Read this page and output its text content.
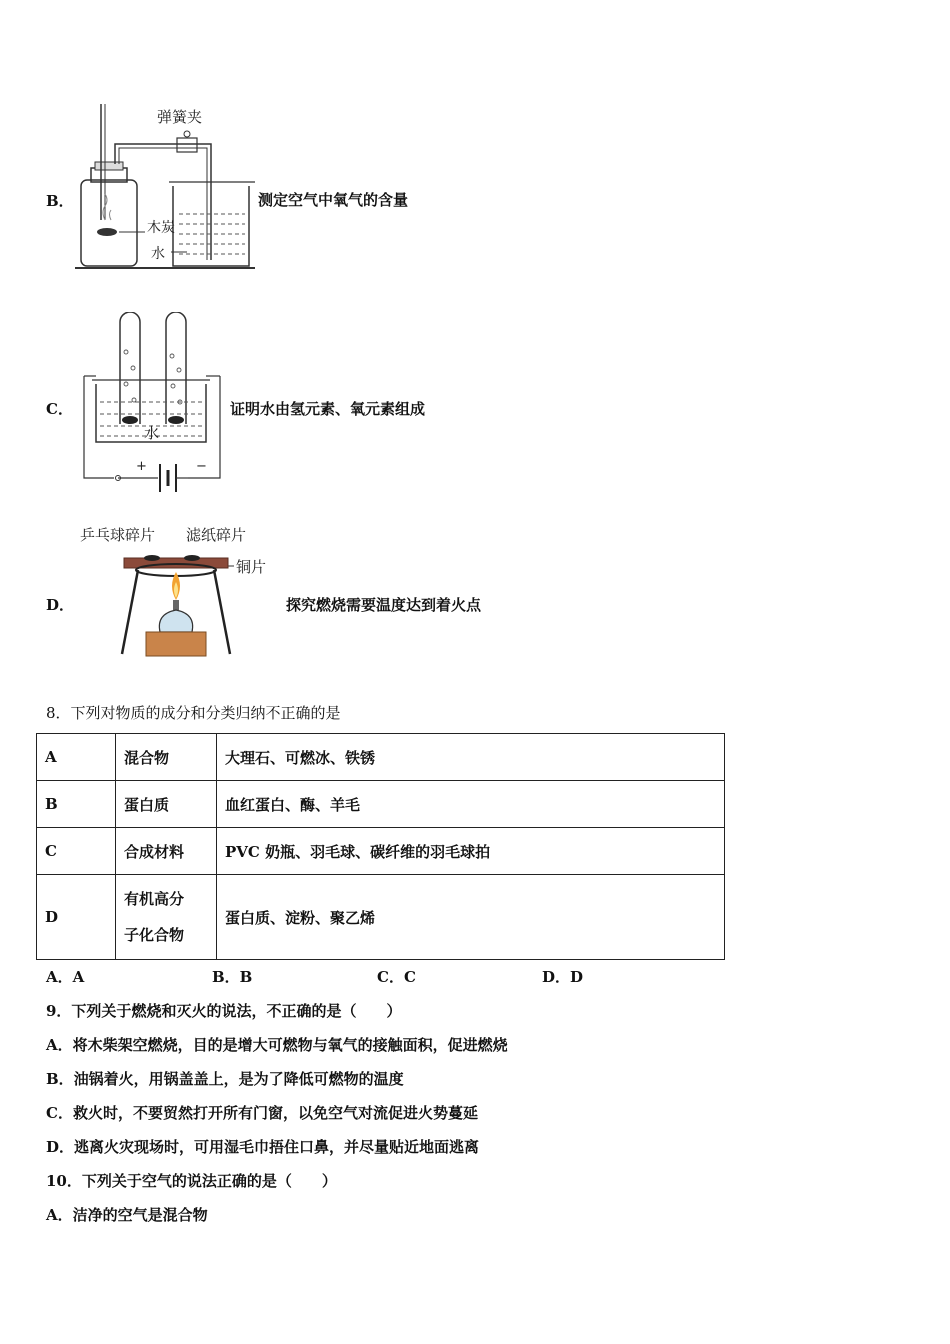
B．
弹簧夹
木炭
水
测定空气中氧气的含量
C．
水
+	−
证明水由氢元素、氧元素组成
D．
乒乓球碎片 滤纸碎片
铜片
探究燃烧需要温度达到着火点
8．下列对物质的成分和分类归纳不正确的是
A	混合物	大理石、可燃冰、铁锈
B	蛋白质	血红蛋白、酶、羊毛
C	合成材料	PVC 奶瓶、羽毛球、碳纤维的羽毛球拍
D	有机高分
子化合物	蛋白质、淀粉、聚乙烯
A．A	B．B	C．C	D．D
9．下列关于燃烧和灭火的说法，不正确的是（　　）
A．将木柴架空燃烧，目的是增大可燃物与氧气的接触面积，促进燃烧
B．油锅着火，用锅盖盖上，是为了降低可燃物的温度
C．救火时，不要贸然打开所有门窗，以免空气对流促进火势蔓延
D．逃离火灾现场时，可用湿毛巾捂住口鼻，并尽量贴近地面逃离
10．下列关于空气的说法正确的是（　　）
A．洁净的空气是混合物
